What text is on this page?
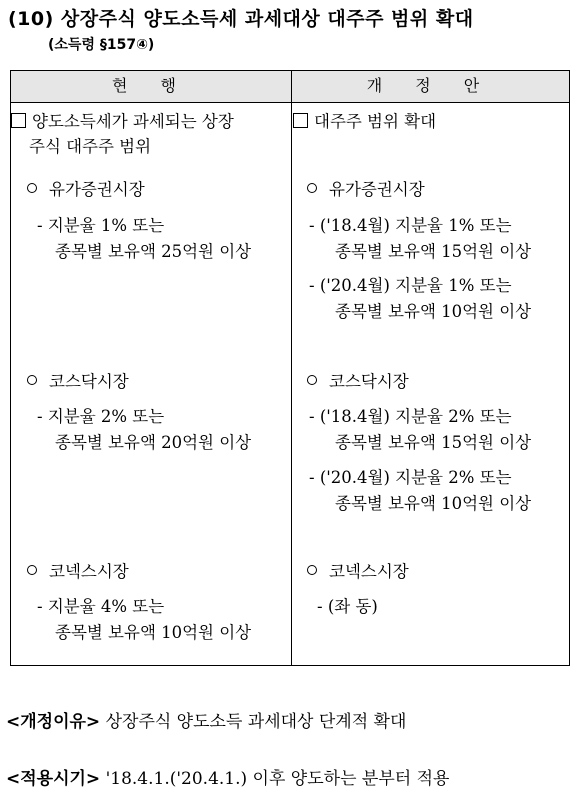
(10) 상장주식 양도소득세 과세대상 대주주 범위 확대
(소득령 §157④)
현 행	개 정 안
양도소득세가 과세되는 상장
주식 대주주 범위
유가증권시장
- 지분율 1% 또는
종목별 보유액 25억원 이상
코스닥시장
- 지분율 2% 또는
종목별 보유액 20억원 이상
코넥스시장
- 지분율 4% 또는
종목별 보유액 10억원 이상
대주주 범위 확대
유가증권시장
- ('18.4월) 지분율 1% 또는
종목별 보유액 15억원 이상
- ('20.4월) 지분율 1% 또는
종목별 보유액 10억원 이상
코스닥시장
- ('18.4월) 지분율 2% 또는
종목별 보유액 15억원 이상
- ('20.4월) 지분율 2% 또는
종목별 보유액 10억원 이상
코넥스시장
- (좌 동)
<개정이유> 상장주식 양도소득 과세대상 단계적 확대
<적용시기> '18.4.1.('20.4.1.) 이후 양도하는 분부터 적용
